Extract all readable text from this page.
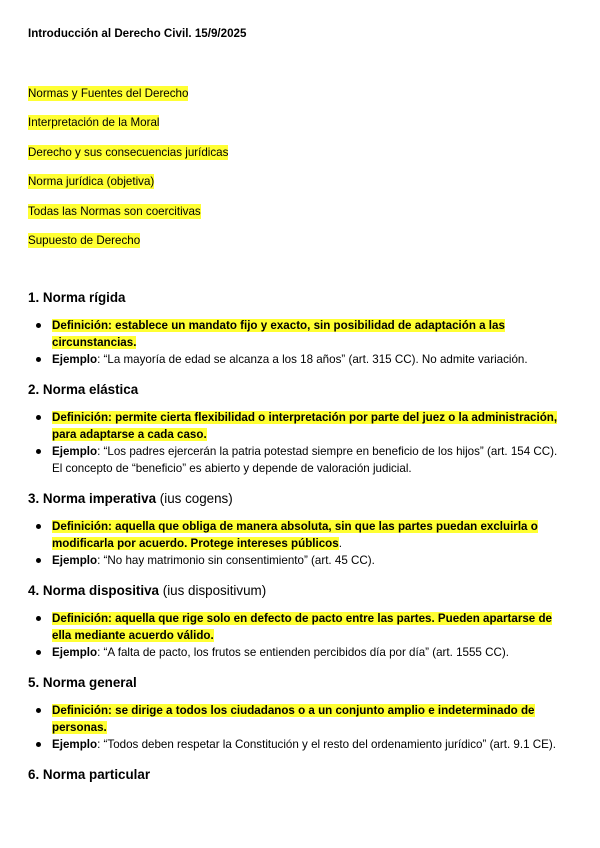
Introducción al Derecho Civil. 15/9/2025

Normas y Fuentes del Derecho

Interpretación de la Moral

Derecho y sus consecuencias jurídicas

Norma jurídica (objetiva)

Todas las Normas son coercitivas

Supuesto de Derecho

1. Norma rígida

Definición: establece un mandato fijo y exacto, sin posibilidad de adaptación a las circunstancias.
Ejemplo: “La mayoría de edad se alcanza a los 18 años” (art. 315 CC). No admite variación.

2. Norma elástica

Definición: permite cierta flexibilidad o interpretación por parte del juez o la administración, para adaptarse a cada caso.
Ejemplo: “Los padres ejercerán la patria potestad siempre en beneficio de los hijos” (art. 154 CC). El concepto de “beneficio” es abierto y depende de valoración judicial.

3. Norma imperativa (ius cogens)

Definición: aquella que obliga de manera absoluta, sin que las partes puedan excluirla o modificarla por acuerdo. Protege intereses públicos.
Ejemplo: “No hay matrimonio sin consentimiento” (art. 45 CC).

4. Norma dispositiva (ius dispositivum)

Definición: aquella que rige solo en defecto de pacto entre las partes. Pueden apartarse de ella mediante acuerdo válido.
Ejemplo: “A falta de pacto, los frutos se entienden percibidos día por día” (art. 1555 CC).

5. Norma general

Definición: se dirige a todos los ciudadanos o a un conjunto amplio e indeterminado de personas.
Ejemplo: “Todos deben respetar la Constitución y el resto del ordenamiento jurídico” (art. 9.1 CE).

6. Norma particular
